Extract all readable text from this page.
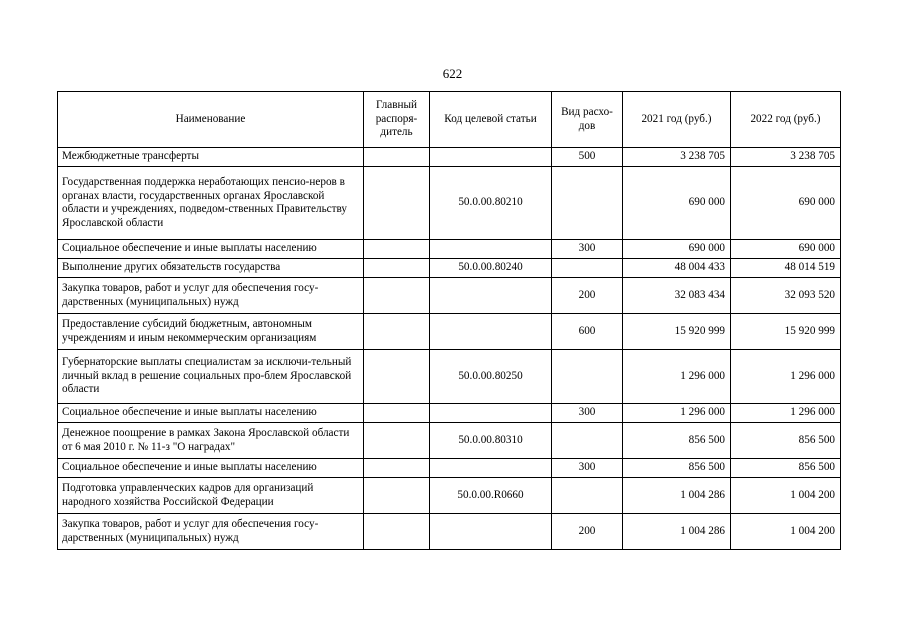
622
Наименование	Главный распоря-дитель	Код целевой статьи	Вид расхо-дов	2021 год (руб.)	2022 год (руб.)
Межбюджетные трансферты			500	3 238 705	3 238 705
Государственная поддержка неработающих пенсио-неров в органах власти, государственных органах Ярославской области и учреждениях, подведом-ственных Правительству Ярославской области		50.0.00.80210		690 000	690 000
Социальное обеспечение и иные выплаты населению			300	690 000	690 000
Выполнение других обязательств государства		50.0.00.80240		48 004 433	48 014 519
Закупка товаров, работ и услуг для обеспечения госу-дарственных (муниципальных) нужд			200	32 083 434	32 093 520
Предоставление субсидий бюджетным, автономным учреждениям и иным некоммерческим организациям			600	15 920 999	15 920 999
Губернаторские выплаты специалистам за исключи-тельный личный вклад в решение социальных про-блем Ярославской области		50.0.00.80250		1 296 000	1 296 000
Социальное обеспечение и иные выплаты населению			300	1 296 000	1 296 000
Денежное поощрение в рамках Закона Ярославской области от 6 мая 2010 г. № 11-з "О наградах"		50.0.00.80310		856 500	856 500
Социальное обеспечение и иные выплаты населению			300	856 500	856 500
Подготовка управленческих кадров для организаций народного хозяйства Российской Федерации		50.0.00.R0660		1 004 286	1 004 200
Закупка товаров, работ и услуг для обеспечения госу-дарственных (муниципальных) нужд			200	1 004 286	1 004 200
